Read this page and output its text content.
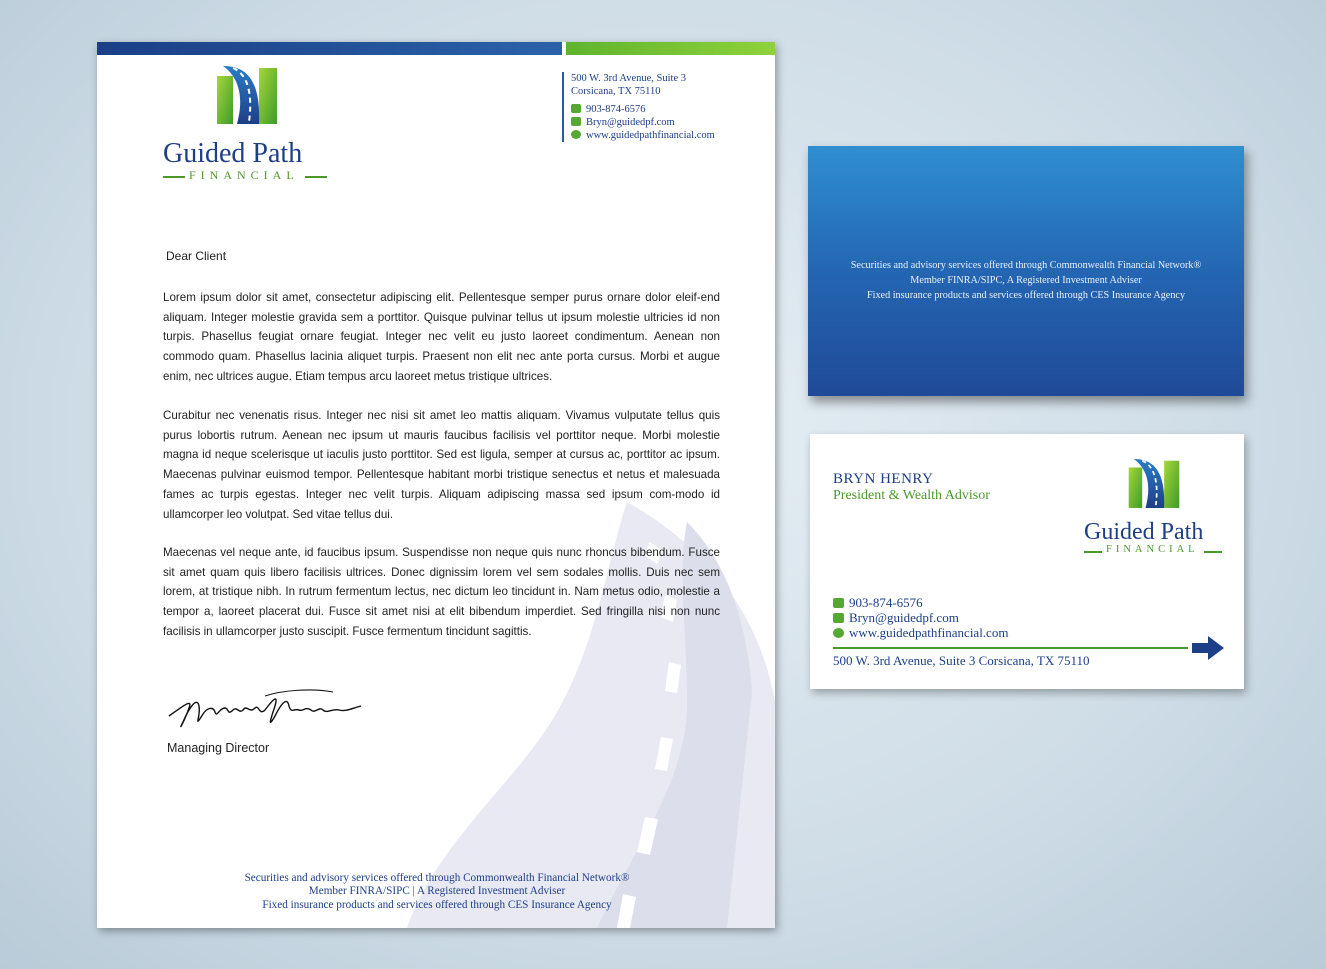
Guided Path
FINANCIAL
500 W. 3rd Avenue, Suite 3
Corsicana, TX 75110
903-874-6576
Bryn@guidedpf.com
www.guidedpathfinancial.com
Dear Client
Lorem ipsum dolor sit amet, consectetur adipiscing elit. Pellentesque semper purus ornare dolor eleif-end aliquam. Integer molestie gravida sem a porttitor. Quisque pulvinar tellus ut ipsum molestie ultricies id non turpis. Phasellus feugiat ornare feugiat. Integer nec velit eu justo laoreet condimentum. Aenean non commodo quam. Phasellus lacinia aliquet turpis. Praesent non elit nec ante porta cursus. Morbi et augue enim, nec ultrices augue. Etiam tempus arcu laoreet metus tristique ultrices.
Curabitur nec venenatis risus. Integer nec nisi sit amet leo mattis aliquam. Vivamus vulputate tellus quis purus lobortis rutrum. Aenean nec ipsum ut mauris faucibus facilisis vel porttitor neque. Morbi molestie magna id neque scelerisque ut iaculis justo porttitor. Sed est ligula, semper at cursus ac, porttitor ac ipsum. Maecenas pulvinar euismod tempor. Pellentesque habitant morbi tristique senectus et netus et malesuada fames ac turpis egestas. Integer nec velit turpis. Aliquam adipiscing massa sed ipsum com-modo id ullamcorper leo volutpat. Sed vitae tellus dui.
Maecenas vel neque ante, id faucibus ipsum. Suspendisse non neque quis nunc rhoncus bibendum. Fusce sit amet quam quis libero facilisis ultrices. Donec dignissim lorem vel sem sodales mollis. Duis nec sem lorem, at tristique nibh. In rutrum fermentum lectus, nec dictum leo tincidunt in. Nam metus odio, molestie a tempor a, laoreet placerat dui. Fusce sit amet nisi at elit bibendum imperdiet. Sed fringilla nisi non nunc facilisis in ullamcorper justo suscipit. Fusce fermentum tincidunt sagittis.
Managing Director
Securities and advisory services offered through Commonwealth Financial Network®
Member FINRA/SIPC | A Registered Investment Adviser
Fixed insurance products and services offered through CES Insurance Agency
Securities and advisory services offered through Commonwealth Financial Network®
Member FINRA/SIPC, A Registered Investment Adviser
Fixed insurance products and services offered through CES Insurance Agency
BRYN HENRY
President & Wealth Advisor
Guided Path
FINANCIAL
903-874-6576
Bryn@guidedpf.com
www.guidedpathfinancial.com
500 W. 3rd Avenue, Suite 3 Corsicana, TX 75110
